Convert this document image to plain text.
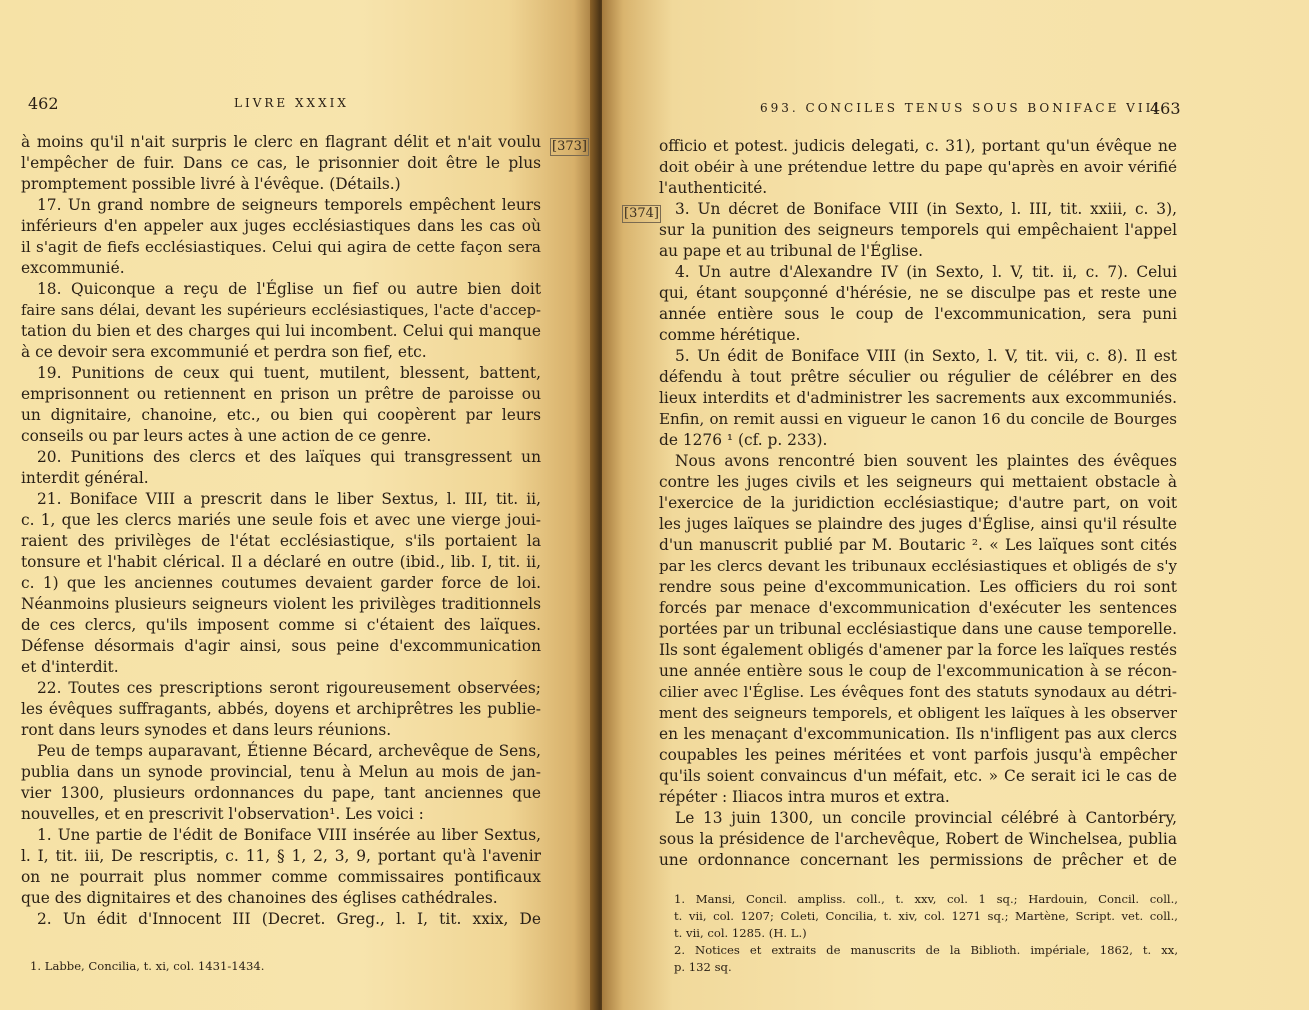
462	LIVRE XXXIX
[373]
à moins qu'il n'ait surpris le clerc en flagrant délit et n'ait voulu
l'empêcher de fuir. Dans ce cas, le prisonnier doit être le plus
promptement possible livré à l'évêque. (Détails.)
17. Un grand nombre de seigneurs temporels empêchent leurs
inférieurs d'en appeler aux juges ecclésiastiques dans les cas où
il s'agit de fiefs ecclésiastiques. Celui qui agira de cette façon sera
excommunié.
18. Quiconque a reçu de l'Église un fief ou autre bien doit
faire sans délai, devant les supérieurs ecclésiastiques, l'acte d'accep-
tation du bien et des charges qui lui incombent. Celui qui manque
à ce devoir sera excommunié et perdra son fief, etc.
19. Punitions de ceux qui tuent, mutilent, blessent, battent,
emprisonnent ou retiennent en prison un prêtre de paroisse ou
un dignitaire, chanoine, etc., ou bien qui coopèrent par leurs
conseils ou par leurs actes à une action de ce genre.
20. Punitions des clercs et des laïques qui transgressent un
interdit général.
21. Boniface VIII a prescrit dans le liber Sextus, l. III, tit. ii,
c. 1, que les clercs mariés une seule fois et avec une vierge joui-
raient des privilèges de l'état ecclésiastique, s'ils portaient la
tonsure et l'habit clérical. Il a déclaré en outre (ibid., lib. I, tit. ii,
c. 1) que les anciennes coutumes devaient garder force de loi.
Néanmoins plusieurs seigneurs violent les privilèges traditionnels
de ces clercs, qu'ils imposent comme si c'étaient des laïques.
Défense désormais d'agir ainsi, sous peine d'excommunication
et d'interdit.
22. Toutes ces prescriptions seront rigoureusement observées;
les évêques suffragants, abbés, doyens et archiprêtres les publie-
ront dans leurs synodes et dans leurs réunions.
Peu de temps auparavant, Étienne Bécard, archevêque de Sens,
publia dans un synode provincial, tenu à Melun au mois de jan-
vier 1300, plusieurs ordonnances du pape, tant anciennes que
nouvelles, et en prescrivit l'observation¹. Les voici :
1. Une partie de l'édit de Boniface VIII insérée au liber Sextus,
l. I, tit. iii, De rescriptis, c. 11, § 1, 2, 3, 9, portant qu'à l'avenir
on ne pourrait plus nommer comme commissaires pontificaux
que des dignitaires et des chanoines des églises cathédrales.
2. Un édit d'Innocent III (Decret. Greg., l. I, tit. xxix, De
1. Labbe, Concilia, t. xi, col. 1431-1434.
693. CONCILES TENUS SOUS BONIFACE VIII
463
[374]
officio et potest. judicis delegati, c. 31), portant qu'un évêque ne
doit obéir à une prétendue lettre du pape qu'après en avoir vérifié
l'authenticité.
3. Un décret de Boniface VIII (in Sexto, l. III, tit. xxiii, c. 3),
sur la punition des seigneurs temporels qui empêchaient l'appel
au pape et au tribunal de l'Église.
4. Un autre d'Alexandre IV (in Sexto, l. V, tit. ii, c. 7). Celui
qui, étant soupçonné d'hérésie, ne se disculpe pas et reste une
année entière sous le coup de l'excommunication, sera puni
comme hérétique.
5. Un édit de Boniface VIII (in Sexto, l. V, tit. vii, c. 8). Il est
défendu à tout prêtre séculier ou régulier de célébrer en des
lieux interdits et d'administrer les sacrements aux excommuniés.
Enfin, on remit aussi en vigueur le canon 16 du concile de Bourges
de 1276 ¹ (cf. p. 233).
Nous avons rencontré bien souvent les plaintes des évêques
contre les juges civils et les seigneurs qui mettaient obstacle à
l'exercice de la juridiction ecclésiastique; d'autre part, on voit
les juges laïques se plaindre des juges d'Église, ainsi qu'il résulte
d'un manuscrit publié par M. Boutaric ². « Les laïques sont cités
par les clercs devant les tribunaux ecclésiastiques et obligés de s'y
rendre sous peine d'excommunication. Les officiers du roi sont
forcés par menace d'excommunication d'exécuter les sentences
portées par un tribunal ecclésiastique dans une cause temporelle.
Ils sont également obligés d'amener par la force les laïques restés
une année entière sous le coup de l'excommunication à se récon-
cilier avec l'Église. Les évêques font des statuts synodaux au détri-
ment des seigneurs temporels, et obligent les laïques à les observer
en les menaçant d'excommunication. Ils n'infligent pas aux clercs
coupables les peines méritées et vont parfois jusqu'à empêcher
qu'ils soient convaincus d'un méfait, etc. » Ce serait ici le cas de
répéter : Iliacos intra muros et extra.
Le 13 juin 1300, un concile provincial célébré à Cantorbéry,
sous la présidence de l'archevêque, Robert de Winchelsea, publia
une ordonnance concernant les permissions de prêcher et de
1. Mansi, Concil. ampliss. coll., t. xxv, col. 1 sq.; Hardouin, Concil. coll.,
t. vii, col. 1207; Coleti, Concilia, t. xiv, col. 1271 sq.; Martène, Script. vet. coll.,
t. vii, col. 1285. (H. L.)
2. Notices et extraits de manuscrits de la Biblioth. impériale, 1862, t. xx,
p. 132 sq.
